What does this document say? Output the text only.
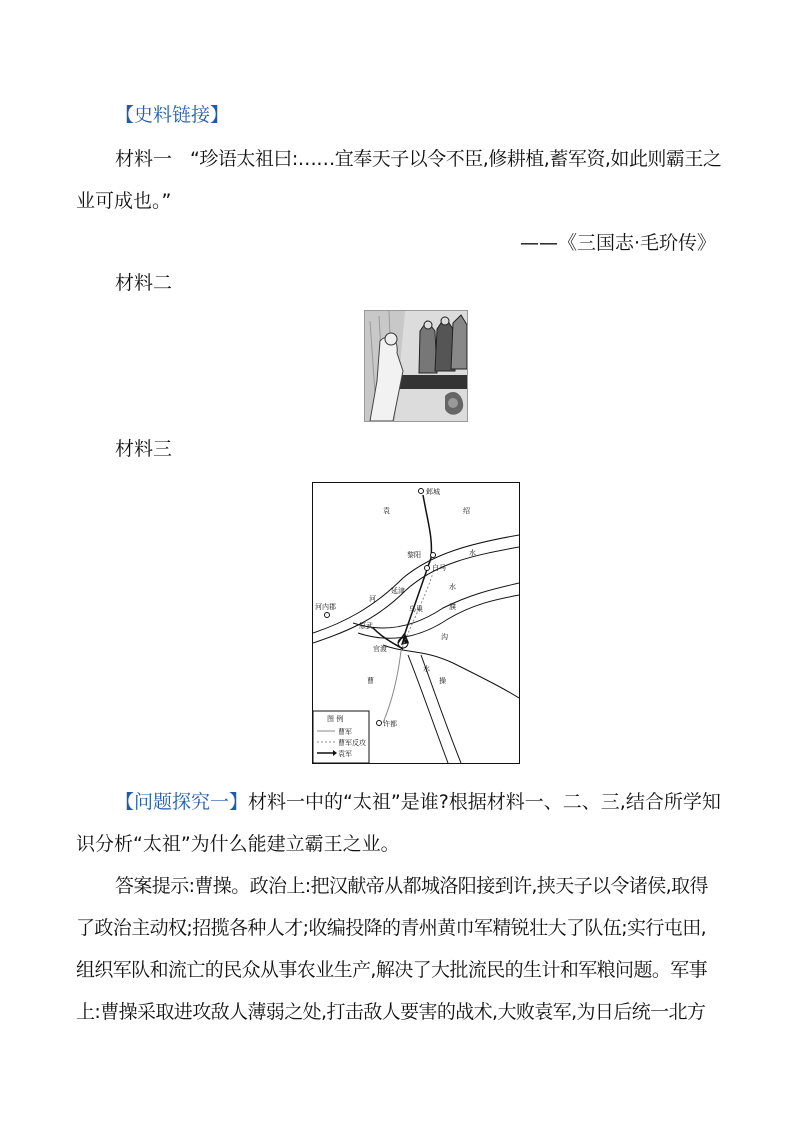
【史料链接】
材料一 “珍语太祖曰:……宜奉天子以令不臣,修耕植,蓄军资,如此则霸王之
业可成也。”
——《三国志·毛玠传》
材料二
材料三
邺城
袁	绍
黎阳
白马
水
水
延津
河
濮
河内郡	乌巢
原武
沟
官渡
水
曹	操
许都
图 例
曹军
曹军反攻
袁军
【问题探究一】材料一中的“太祖”是谁?根据材料一、二、三,结合所学知
识分析“太祖”为什么能建立霸王之业。
答案提示:曹操。政治上:把汉献帝从都城洛阳接到许,挟天子以令诸侯,取得
了政治主动权;招揽各种人才;收编投降的青州黄巾军精锐壮大了队伍;实行屯田,
组织军队和流亡的民众从事农业生产,解决了大批流民的生计和军粮问题。军事
上:曹操采取进攻敌人薄弱之处,打击敌人要害的战术,大败袁军,为日后统一北方
